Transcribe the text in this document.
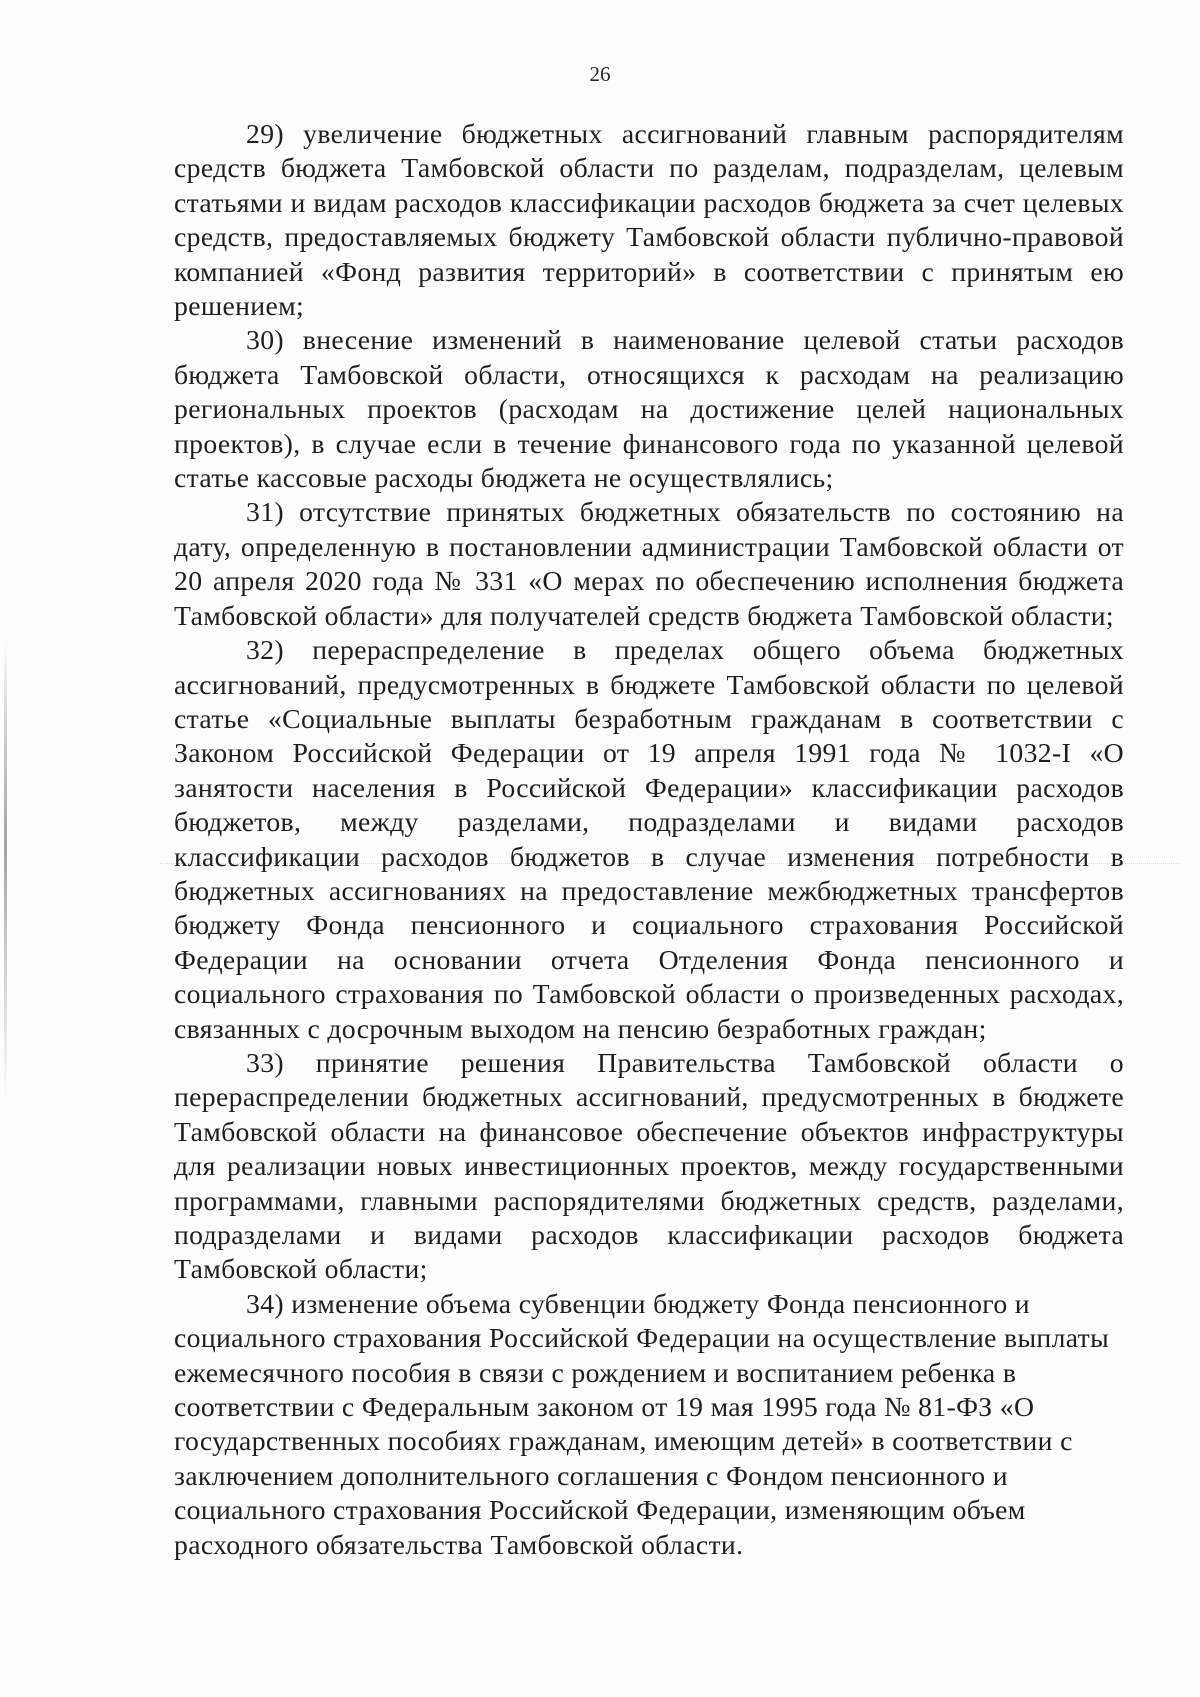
26

29) увеличение бюджетных ассигнований главным распорядителям средств бюджета Тамбовской области по разделам, подразделам, целевым статьями и видам расходов классификации расходов бюджета за счет целевых средств, предоставляемых бюджету Тамбовской области публично-правовой компанией «Фонд развития территорий» в соответствии с принятым ею решением;

30) внесение изменений в наименование целевой статьи расходов бюджета Тамбовской области, относящихся к расходам на реализацию региональных проектов (расходам на достижение целей национальных проектов), в случае если в течение финансового года по указанной целевой статье кассовые расходы бюджета не осуществлялись;

31) отсутствие принятых бюджетных обязательств по состоянию на дату, определенную в постановлении администрации Тамбовской области от 20 апреля 2020 года № 331 «О мерах по обеспечению исполнения бюджета Тамбовской области» для получателей средств бюджета Тамбовской области;

32) перераспределение в пределах общего объема бюджетных ассигнований, предусмотренных в бюджете Тамбовской области по целевой статье «Социальные выплаты безработным гражданам в соответствии с Законом Российской Федерации от 19 апреля 1991 года № 1032-I «О занятости населения в Российской Федерации» классификации расходов бюджетов, между разделами, подразделами и видами расходов классификации расходов бюджетов в случае изменения потребности в бюджетных ассигнованиях на предоставление межбюджетных трансфертов бюджету Фонда пенсионного и социального страхования Российской Федерации на основании отчета Отделения Фонда пенсионного и социального страхования по Тамбовской области о произведенных расходах, связанных с досрочным выходом на пенсию безработных граждан;

33) принятие решения Правительства Тамбовской области о перераспределении бюджетных ассигнований, предусмотренных в бюджете Тамбовской области на финансовое обеспечение объектов инфраструктуры для реализации новых инвестиционных проектов, между государственными программами, главными распорядителями бюджетных средств, разделами, подразделами и видами расходов классификации расходов бюджета Тамбовской области;

34) изменение объема субвенции бюджету Фонда пенсионного и социального страхования Российской Федерации на осуществление выплаты ежемесячного пособия в связи с рождением и воспитанием ребенка в соответствии с Федеральным законом от 19 мая 1995 года № 81-ФЗ «О государственных пособиях гражданам, имеющим детей» в соответствии с заключением дополнительного соглашения с Фондом пенсионного и социального страхования Российской Федерации, изменяющим объем расходного обязательства Тамбовской области.
